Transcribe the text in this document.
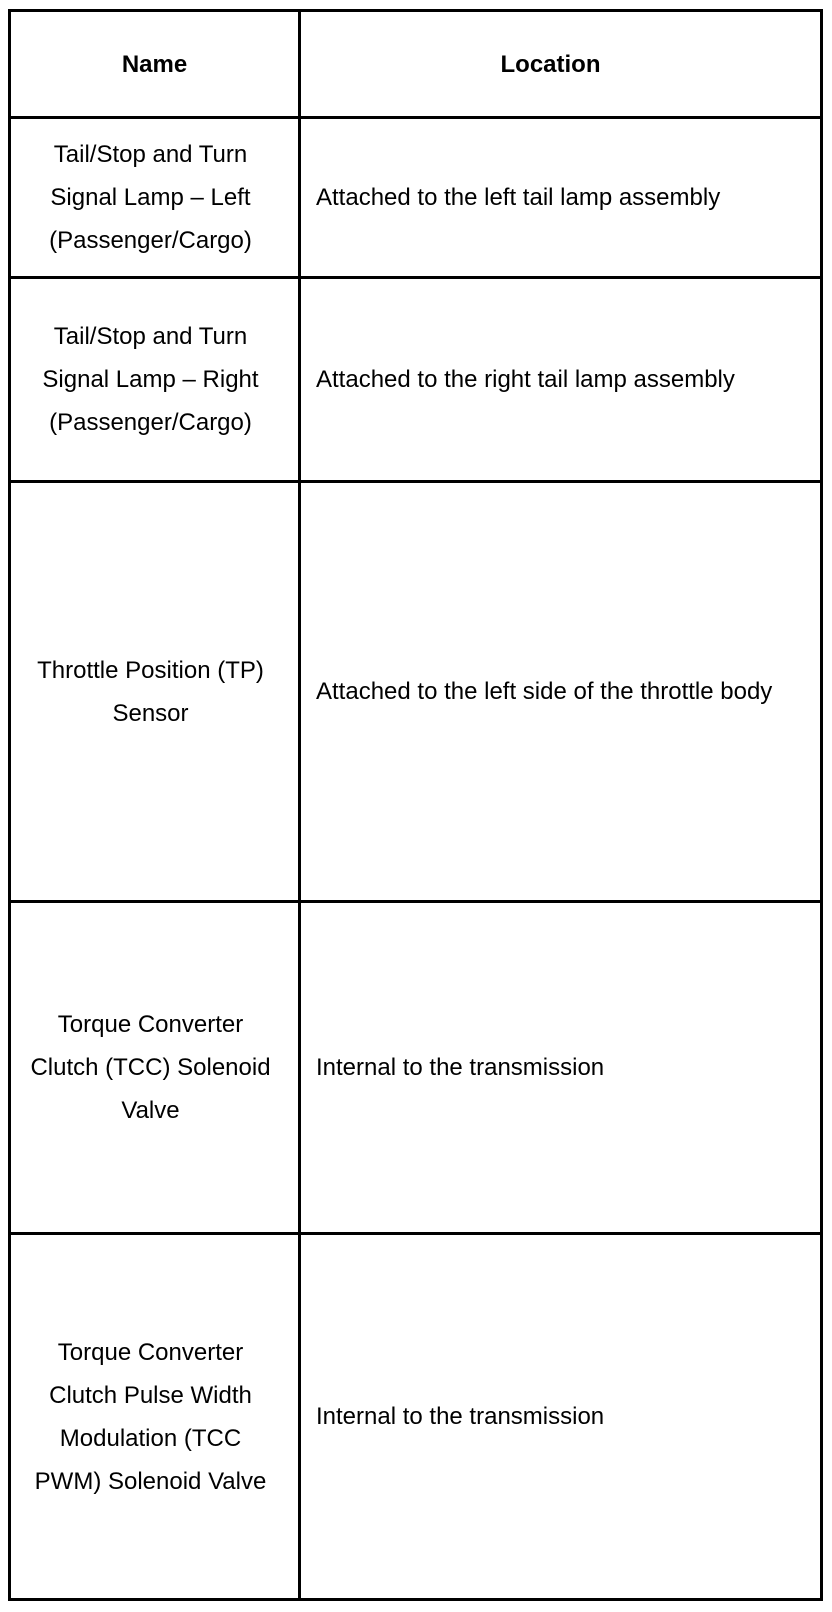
Name	Location
Tail/Stop and Turn Signal Lamp – Left (Passenger/Cargo)
Attached to the left tail lamp assembly
Tail/Stop and Turn Signal Lamp – Right (Passenger/Cargo)
Attached to the right tail lamp assembly
Throttle Position (TP) Sensor
Attached to the left side of the throttle body
Torque Converter Clutch (TCC) Solenoid Valve
Internal to the transmission
Torque Converter Clutch Pulse Width Modulation (TCC PWM) Solenoid Valve
Internal to the transmission
